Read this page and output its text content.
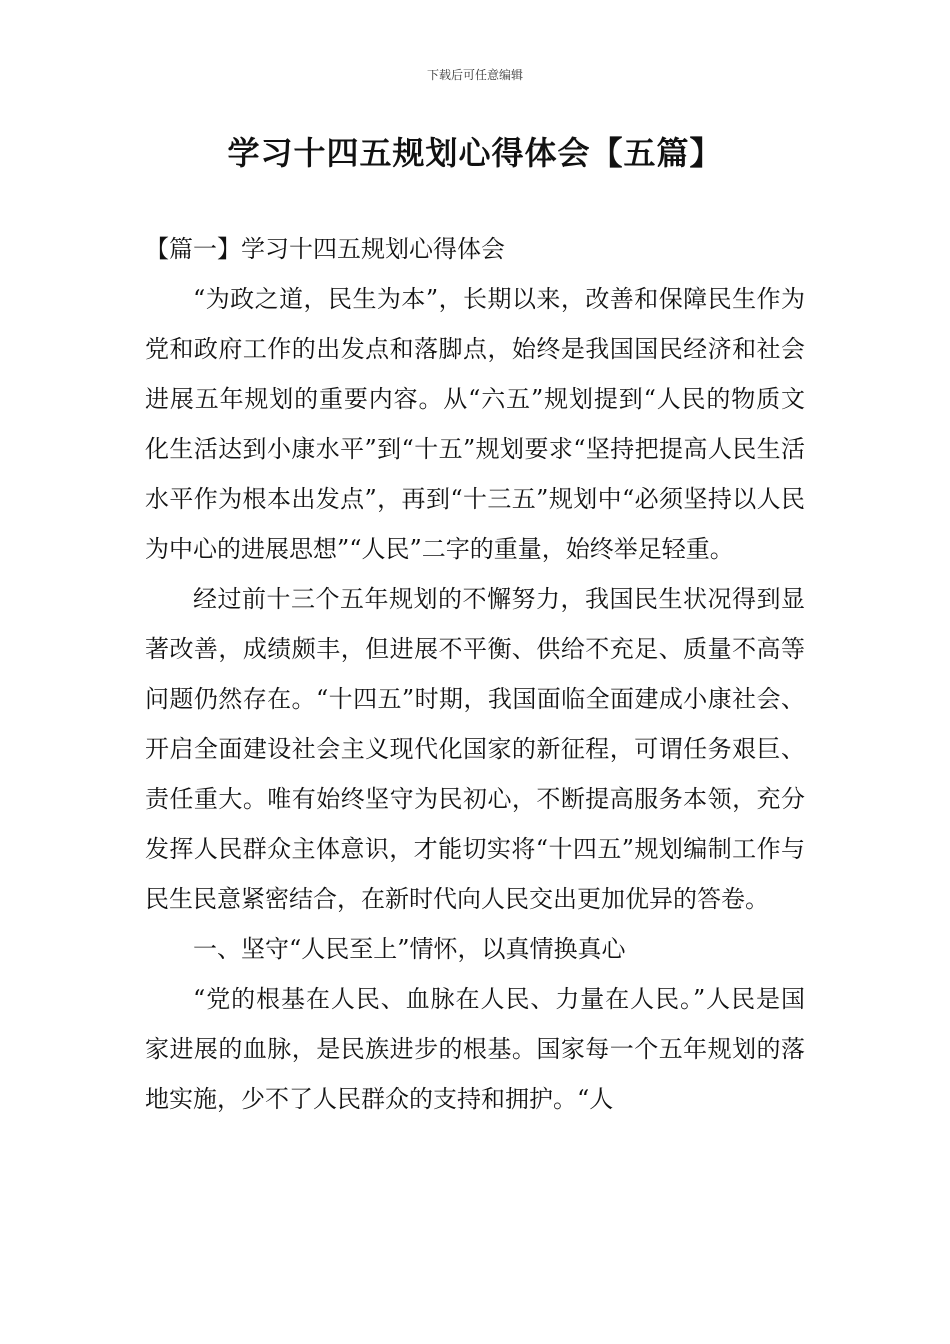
下载后可任意编辑
学习十四五规划心得体会【五篇】

【篇一】学习十四五规划心得体会

“为政之道，民生为本”，长期以来，改善和保障民生作为党和政府工作的出发点和落脚点，始终是我国国民经济和社会进展五年规划的重要内容。从“六五”规划提到“人民的物质文化生活达到小康水平”到“十五”规划要求“坚持把提高人民生活水平作为根本出发点”，再到“十三五”规划中“必须坚持以人民为中心的进展思想”“人民”二字的重量，始终举足轻重。

经过前十三个五年规划的不懈努力，我国民生状况得到显著改善，成绩颇丰，但进展不平衡、供给不充足、质量不高等问题仍然存在。“十四五”时期，我国面临全面建成小康社会、开启全面建设社会主义现代化国家的新征程，可谓任务艰巨、责任重大。唯有始终坚守为民初心，不断提高服务本领，充分发挥人民群众主体意识，才能切实将“十四五”规划编制工作与民生民意紧密结合，在新时代向人民交出更加优异的答卷。

一、坚守“人民至上”情怀，以真情换真心

“党的根基在人民、血脉在人民、力量在人民。”人民是国家进展的血脉，是民族进步的根基。国家每一个五年规划的落地实施，少不了人民群众的支持和拥护。“人
